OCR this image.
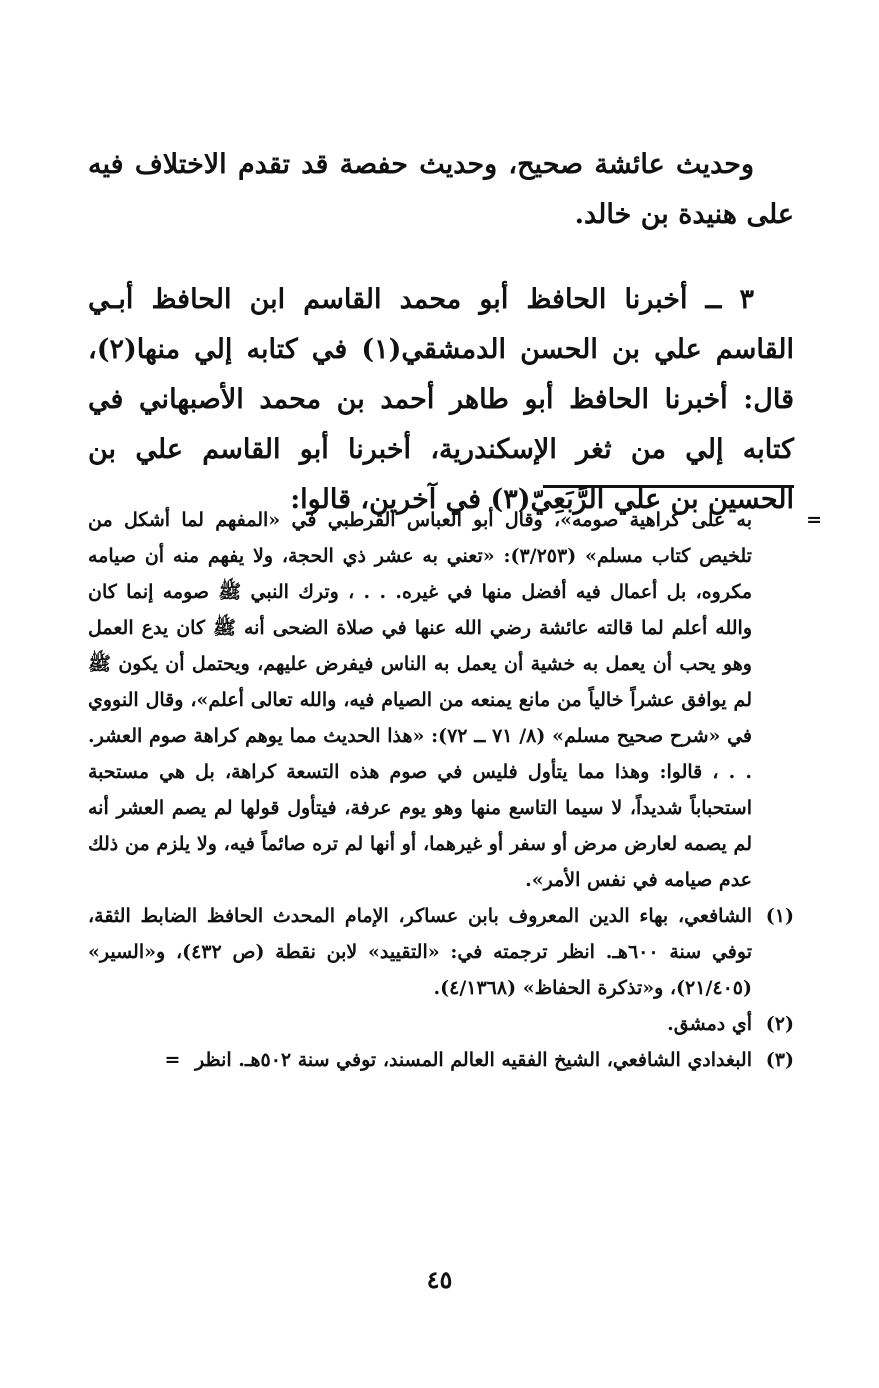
وحديث عائشة صحيح، وحديث حفصة قد تقدم الاختلاف فيه على هنيدة بن خالد.

٣ ــ أخبرنا الحافظ أبو محمد القاسم ابن الحافظ أبـي القاسم علي بن الحسن الدمشقي(١) في كتابه إلي منها(٢)، قال: أخبرنا الحافظ أبو طاهر أحمد بن محمد الأصبهاني في كتابه إلي من ثغر الإسكندرية، أخبرنا أبو القاسم علي بن الحسين بن علي الرَّبَعِيّ(٣) في آخرين، قالوا:

=
به على كراهية صومه»، وقال أبو العباس القرطبي في «المفهم لما أشكل من تلخيص كتاب مسلم» (٣/٢٥٣): «تعني به عشر ذي الحجة، ولا يفهم منه أن صيامه مكروه، بل أعمال فيه أفضل منها في غيره. . . ، وترك النبي ﷺ صومه إنما كان والله أعلم لما قالته عائشة رضي الله عنها في صلاة الضحى أنه ﷺ كان يدع العمل وهو يحب أن يعمل به خشية أن يعمل به الناس فيفرض عليهم، ويحتمل أن يكون ﷺ لم يوافق عشراً خالياً من مانع يمنعه من الصيام فيه، والله تعالى أعلم»، وقال النووي في «شرح صحيح مسلم» (٨/ ٧١ ــ ٧٢): «هذا الحديث مما يوهم كراهة صوم العشر. . . ، قالوا: وهذا مما يتأول فليس في صوم هذه التسعة كراهة، بل هي مستحبة استحباباً شديداً، لا سيما التاسع منها وهو يوم عرفة، فيتأول قولها لم يصم العشر أنه لم يصمه لعارض مرض أو سفر أو غيرهما، أو أنها لم تره صائماً فيه، ولا يلزم من ذلك عدم صيامه في نفس الأمر».

(١)
الشافعي، بهاء الدين المعروف بابن عساكر، الإمام المحدث الحافظ الضابط الثقة، توفي سنة ٦٠٠هـ. انظر ترجمته في: «التقييد» لابن نقطة (ص ٤٣٢)، و«السير» (٢١/٤٠٥)، و«تذكرة الحفاظ» (٤/١٣٦٨).

(٢)
أي دمشق.

(٣)
البغدادي الشافعي، الشيخ الفقيه العالم المسند، توفي سنة ٥٠٢هـ. انظر =

٤٥
